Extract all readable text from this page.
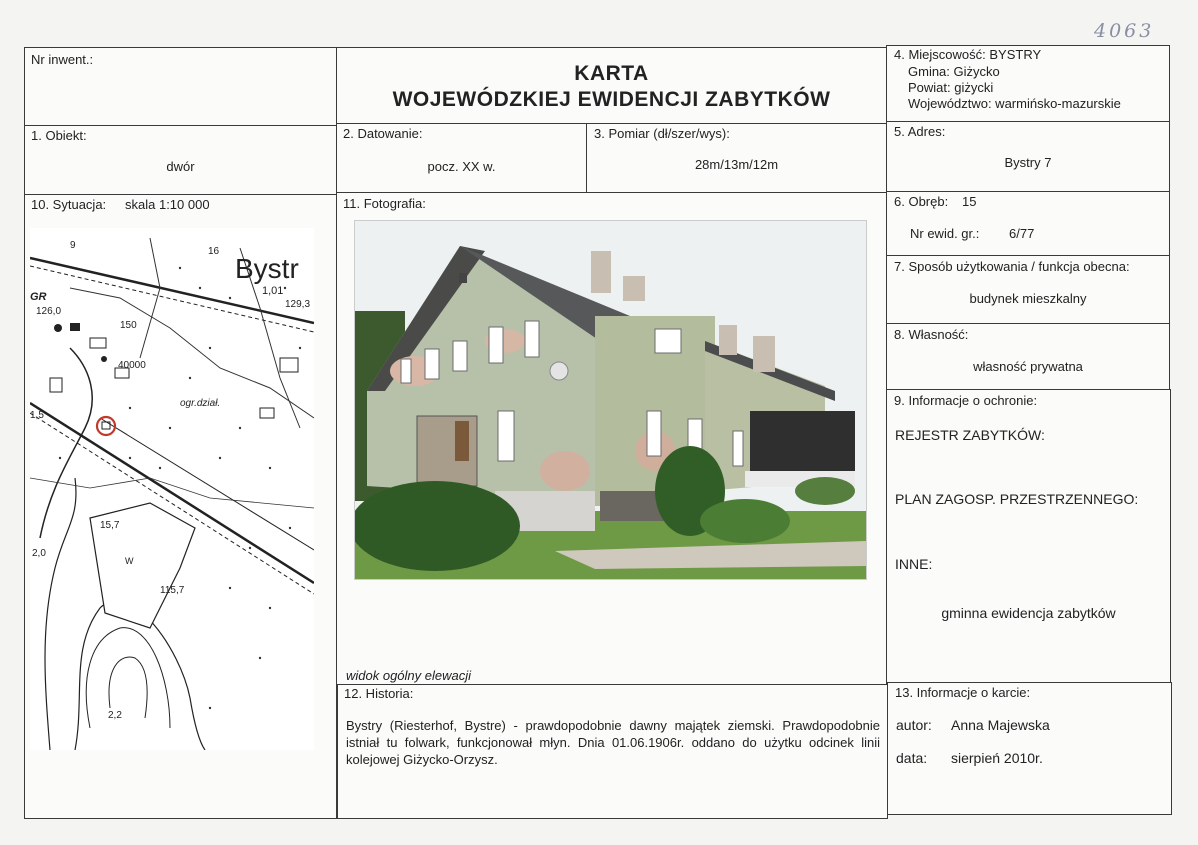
4063
Nr inwent.:
KARTA
WOJEWÓDZKIEJ EWIDENCJI ZABYTKÓW
4. Miejscowość: BYSTRY
Gmina: Giżycko
Powiat: giżycki
Województwo: warmińsko-mazurskie
1. Obiekt:
dwór
2. Datowanie:
pocz. XX w.
3. Pomiar (dł/szer/wys):
28m/13m/12m
5. Adres:
Bystry 7
10. Sytuacja: skala 1:10 000
Bystr
1,01
129,3
GR
126,0
150
40000
ogr.dział.
15,7
115,7
2,0
W
2,2
9
1,5
16
11. Fotografia:
widok ogólny elewacji
6. Obręb: 15
Nr ewid. gr.: 6/77
7. Sposób użytkowania / funkcja obecna:
budynek mieszkalny
8. Własność:
własność prywatna
9. Informacje o ochronie:
REJESTR ZABYTKÓW:
PLAN ZAGOSP. PRZESTRZENNEGO:
INNE:
gminna ewidencja zabytków
12. Historia:
Bystry (Riesterhof, Bystre) - prawdopodobnie dawny majątek ziemski. Prawdopodobnie istniał tu folwark, funkcjonował młyn. Dnia 01.06.1906r. oddano do użytku odcinek linii kolejowej Giżycko-Orzysz.
13. Informacje o karcie:
autor: Anna Majewska
data: sierpień 2010r.
